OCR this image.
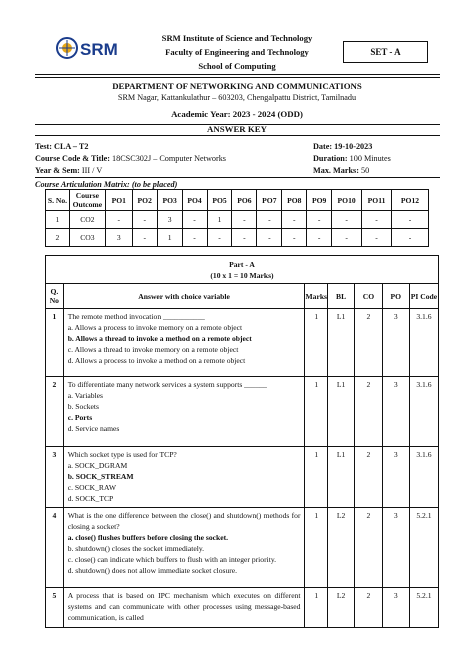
SRM
SRM Institute of Science and Technology
Faculty of Engineering and Technology
School of Computing
SET - A
DEPARTMENT OF NETWORKING AND COMMUNICATIONS
SRM Nagar, Kattankulathur – 603203, Chengalpattu District, Tamilnadu
Academic Year: 2023 - 2024 (ODD)
ANSWER KEY
Test: CLA – T2	Date: 19-10-2023
Course Code & Title: 18CSC302J – Computer Networks	Duration: 100 Minutes
Year & Sem: III / V	Max. Marks: 50
Course Articulation Matrix: (to be placed)
S. No.	Course Outcome	PO1	PO2	PO3	PO4	PO5	PO6	PO7	PO8	PO9	PO10	PO11	PO12
1	CO2	-	-	3	-	1	-	-	-	-	-	-	-
2	CO3	3	-	1	-	-	-	-	-	-	-	-	-
Part - A
(10 x 1 = 10 Marks)						
Q. No	Answer with choice variable	Marks	BL	CO	PO	PI Code
1	The remote method invocation ___________
a. Allows a process to invoke memory on a remote object
b. Allows a thread to invoke a method on a remote object
c. Allows a thread to invoke memory on a remote object
d. Allows a process to invoke a method on a remote object	1	L1	2	3	3.1.6
2	To differentiate many network services a system supports ______
a. Variables
b. Sockets
c. Ports
d. Service names	1	L1	2	3	3.1.6
3	Which socket type is used for TCP?
a. SOCK_DGRAM
b. SOCK_STREAM
c. SOCK_RAW
d. SOCK_TCP	1	L1	2	3	3.1.6
4	What is the one difference between the close() and shutdown() methods for closing a socket?
a. close() flushes buffers before closing the socket.
b. shutdown() closes the socket immediately.
c. close() can indicate which buffers to flush with an integer priority.
d. shutdown() does not allow immediate socket closure.	1	L2	2	3	5.2.1
5	A process that is based on IPC mechanism which executes on different systems and can communicate with other processes using message-based communication, is called	1	L2	2	3	5.2.1
